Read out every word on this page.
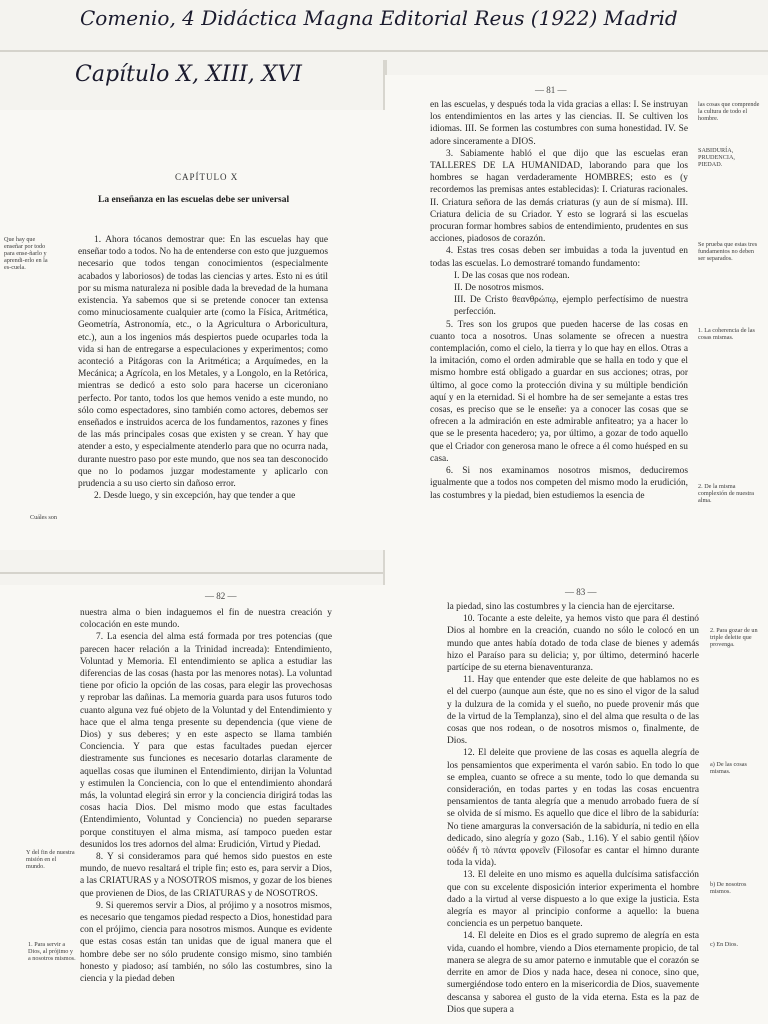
Comenio, 4 Didáctica Magna Editorial Reus (1922) Madrid
Capítulo X, XIII, XVI
CAPÍTULO X
La enseñanza en las escuelas debe ser universal
Que hay que enseñar por todo para ense-ñarlo y aprendi-erlo en la es-cuela.
Cuáles son

1. Ahora tócanos demostrar que: En las escuelas hay que enseñar todo a todos. No ha de entenderse con esto que juzguemos necesario que todos tengan conocimientos (especialmente acabados y laboriosos) de todas las ciencias y artes. Esto ni es útil por su misma naturaleza ni posible dada la brevedad de la humana existencia. Ya sabemos que si se pretende conocer tan extensa como minuciosamente cualquier arte (como la Física, Aritmética, Geometría, Astronomía, etc., o la Agricultura o Arboricultura, etc.), aun a los ingenios más despiertos puede ocuparles toda la vida si han de entregarse a especulaciones y experimentos; como aconteció a Pitágoras con la Aritmética; a Arquímedes, en la Mecánica; a Agrícola, en los Metales, y a Longolo, en la Retórica, mientras se dedicó a esto solo para hacerse un ciceroniano perfecto. Por tanto, todos los que hemos venido a este mundo, no sólo como espectadores, sino también como actores, debemos ser enseñados e instruidos acerca de los fundamentos, razones y fines de las más principales cosas que existen y se crean. Y hay que atender a esto, y especialmente atenderlo para que no ocurra nada, durante nuestro paso por este mundo, que nos sea tan desconocido que no lo podamos juzgar modestamente y aplicarlo con prudencia a su uso cierto sin dañoso error.

2. Desde luego, y sin excepción, hay que tender a que

— 81 —

en las escuelas, y después toda la vida gracias a ellas: I. Se instruyan los entendimientos en las artes y las ciencias. II. Se cultiven los idiomas. III. Se formen las costumbres con suma honestidad. IV. Se adore sinceramente a DIOS.

3. Sabiamente habló el que dijo que las escuelas eran TALLERES DE LA HUMANIDAD, laborando para que los hombres se hagan verdaderamente HOMBRES; esto es (y recordemos las premisas antes establecidas): I. Criaturas racionales. II. Criatura señora de las demás criaturas (y aun de sí misma). III. Criatura delicia de su Criador. Y esto se logrará si las escuelas procuran formar hombres sabios de entendimiento, prudentes en sus acciones, piadosos de corazón.

4. Estas tres cosas deben ser imbuidas a toda la juventud en todas las escuelas. Lo demostraré tomando fundamento:

I. De las cosas que nos rodean.
II. De nosotros mismos.
III. De Cristo θεανθρώπῳ, ejemplo perfectísimo de nuestra perfección.

5. Tres son los grupos que pueden hacerse de las cosas en cuanto toca a nosotros. Unas solamente se ofrecen a nuestra contemplación, como el cielo, la tierra y lo que hay en ellos. Otras a la imitación, como el orden admirable que se halla en todo y que el mismo hombre está obligado a guardar en sus acciones; otras, por último, al goce como la protección divina y su múltiple bendición aquí y en la eternidad. Si el hombre ha de ser semejante a estas tres cosas, es preciso que se le enseñe: ya a conocer las cosas que se ofrecen a la admiración en este admirable anfiteatro; ya a hacer lo que se le presenta hacedero; ya, por último, a gozar de todo aquello que el Criador con generosa mano le ofrece a él como huésped en su casa.

6. Si nos examinamos nosotros mismos, deduciremos igualmente que a todos nos competen del mismo modo la erudición, las costumbres y la piedad, bien estudiemos la esencia de

las cosas que comprende la cultura de todo el hombre.
SABIDURÍA, PRUDENCIA, PIEDAD.
Se prueba que estas tres fundamentos no deben ser separados.
1. La coherencia de las cosas mismas.
2. De la misma complexión de nuestra alma.
— 82 —

nuestra alma o bien indaguemos el fin de nuestra creación y colocación en este mundo.

7. La esencia del alma está formada por tres potencias (que parecen hacer relación a la Trinidad increada): Entendimiento, Voluntad y Memoria. El entendimiento se aplica a estudiar las diferencias de las cosas (hasta por las menores notas). La voluntad tiene por oficio la opción de las cosas, para elegir las provechosas y reprobar las dañinas. La memoria guarda para usos futuros todo cuanto alguna vez fué objeto de la Voluntad y del Entendimiento y hace que el alma tenga presente su dependencia (que viene de Dios) y sus deberes; y en este aspecto se llama también Conciencia. Y para que estas facultades puedan ejercer diestramente sus funciones es necesario dotarlas claramente de aquellas cosas que iluminen el Entendimiento, dirijan la Voluntad y estimulen la Conciencia, con lo que el entendimiento ahondará más, la voluntad elegirá sin error y la conciencia dirigirá todas las cosas hacia Dios. Del mismo modo que estas facultades (Entendimiento, Voluntad y Conciencia) no pueden separarse porque constituyen el alma misma, así tampoco pueden estar desunidos los tres adornos del alma: Erudición, Virtud y Piedad.

8. Y si consideramos para qué hemos sido puestos en este mundo, de nuevo resaltará el triple fin; esto es, para servir a Dios, a las CRIATURAS y a NOSOTROS mismos, y gozar de los bienes que provienen de Dios, de las CRIATURAS y de NOSOTROS.

9. Si queremos servir a Dios, al prójimo y a nosotros mismos, es necesario que tengamos piedad respecto a Dios, honestidad para con el prójimo, ciencia para nosotros mismos. Aunque es evidente que estas cosas están tan unidas que de igual manera que el hombre debe ser no sólo prudente consigo mismo, sino también honesto y piadoso; así también, no sólo las costumbres, sino la ciencia y la piedad deben

Y del fin de nuestra misión en el mundo.
1. Para servir a Dios, al prójimo y a nosotros mismos.
— 83 —

la piedad, sino las costumbres y la ciencia han de ejercitarse.

10. Tocante a este deleite, ya hemos visto que para él destinó Dios al hombre en la creación, cuando no sólo le colocó en un mundo que antes había dotado de toda clase de bienes y además hizo el Paraíso para su delicia; y, por último, determinó hacerle partícipe de su eterna bienaventuranza.

11. Hay que entender que este deleite de que hablamos no es el del cuerpo (aunque aun éste, que no es sino el vigor de la salud y la dulzura de la comida y el sueño, no puede provenir más que de la virtud de la Templanza), sino el del alma que resulta o de las cosas que nos rodean, o de nosotros mismos o, finalmente, de Dios.

12. El deleite que proviene de las cosas es aquella alegría de los pensamientos que experimenta el varón sabio. En todo lo que se emplea, cuanto se ofrece a su mente, todo lo que demanda su consideración, en todas partes y en todas las cosas encuentra pensamientos de tanta alegría que a menudo arrobado fuera de sí se olvida de sí mismo. Es aquello que dice el libro de la sabiduría: No tiene amarguras la conversación de la sabiduría, ni tedio en ella dedicado, sino alegría y gozo (Sab., 1.16). Y el sabio gentil ἡδίον οὐδέν ἤ τὸ πάντα φρονεῖν (Filosofar es cantar el himno durante toda la vida).

13. El deleite en uno mismo es aquella dulcísima satisfacción que con su excelente disposición interior experimenta el hombre dado a la virtud al verse dispuesto a lo que exige la justicia. Esta alegría es mayor al principio conforme a aquello: la buena conciencia es un perpetuo banquete.

14. El deleite en Dios es el grado supremo de alegría en esta vida, cuando el hombre, viendo a Dios eternamente propicio, de tal manera se alegra de su amor paterno e inmutable que el corazón se derrite en amor de Dios y nada hace, desea ni conoce, sino que, sumergiéndose todo entero en la misericordia de Dios, suavemente descansa y saborea el gusto de la vida eterna. Esta es la paz de Dios que supera a

2. Para gozar de un triple deleite que provenga.
a) De las cosas mismas.
b) De nosotros mismos.
c) En Dios.
